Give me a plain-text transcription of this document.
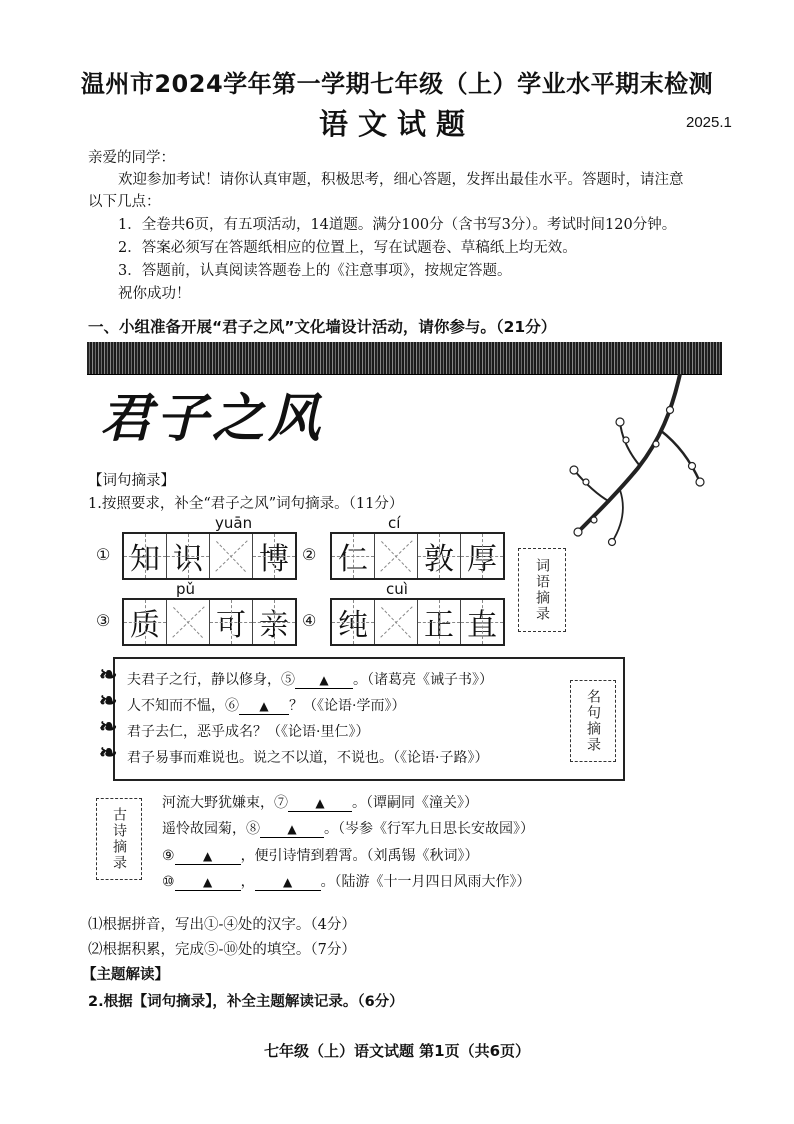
温州市2024学年第一学期七年级（上）学业水平期末检测
语文试题	2025.1
亲爱的同学：
欢迎参加考试！请你认真审题，积极思考，细心答题，发挥出最佳水平。答题时，请注意
以下几点：
1．全卷共6页，有五项活动，14道题。满分100分（含书写3分）。考试时间120分钟。
2．答案必须写在答题纸相应的位置上，写在试题卷、草稿纸上均无效。
3．答题前，认真阅读答题卷上的《注意事项》，按规定答题。
祝你成功！
一、小组准备开展“君子之风”文化墙设计活动，请你参与。（21分）
君子之风
【词句摘录】
1.按照要求，补全“君子之风”词句摘录。（11分）
yuān
① 知 识 博
cí
② 仁 敦 厚
pǔ
③ 质 可 亲
cuì
④ 纯 正 直
词语摘录
❧
❧
❧
❧
夫君子之行，静以修身，⑤ ▲ 。（诸葛亮《诫子书》）
人不知而不愠，⑥ ▲ ？（《论语·学而》）
君子去仁，恶乎成名？（《论语·里仁》）
君子易事而难说也。说之不以道，不说也。（《论语·子路》）
名句摘录
古诗摘录
河流大野犹嫌束，⑦ ▲ 。（谭嗣同《潼关》）
遥怜故园菊，⑧ ▲ 。（岑参《行军九日思长安故园》）
⑨ ▲ ，便引诗情到碧霄。（刘禹锡《秋词》）
⑩ ▲ ， ▲ 。（陆游《十一月四日风雨大作》）
⑴根据拼音，写出①-④处的汉字。（4分）
⑵根据积累，完成⑤-⑩处的填空。（7分）
【主题解读】
2.根据【词句摘录】，补全主题解读记录。（6分）
七年级（上）语文试题 第1页（共6页）
